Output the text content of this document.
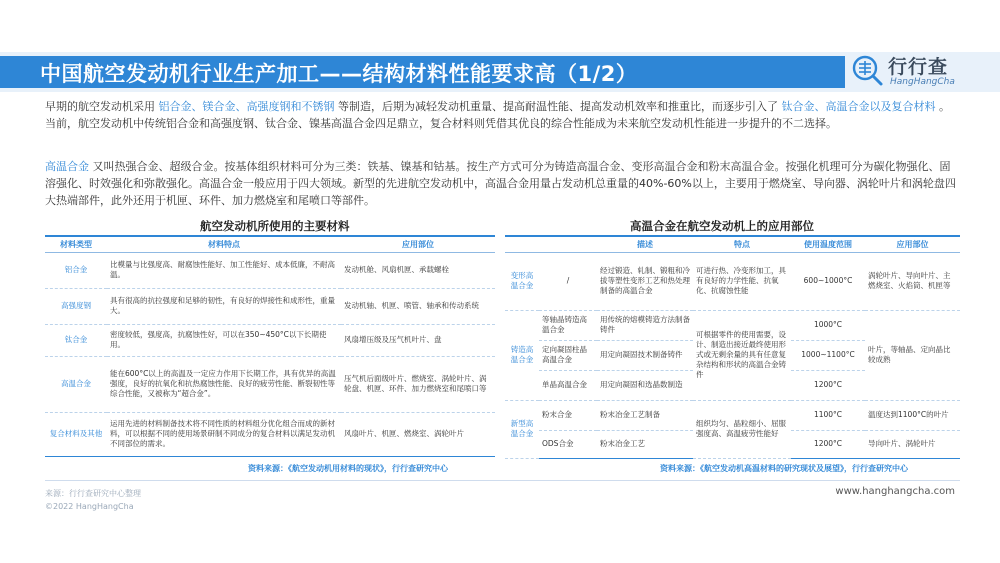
中国航空发动机行业生产加工——结构材料性能要求高（1/2）	行行查
HangHangCha
早期的航空发动机采用 铝合金、镁合金、高强度钢和不锈钢 等制造，后期为减轻发动机重量、提高耐温性能、提高发动机效率和推重比，而逐步引入了 钛合金、高温合金以及复合材料 。当前，航空发动机中传统铝合金和高强度钢、钛合金、镍基高温合金四足鼎立，复合材料则凭借其优良的综合性能成为未来航空发动机性能进一步提升的不二选择。
高温合金 又叫热强合金、超级合金。按基体组织材料可分为三类：铁基、镍基和钴基。按生产方式可分为铸造高温合金、变形高温合金和粉末高温合金。按强化机理可分为碳化物强化、固溶强化、时效强化和弥散强化。高温合金一般应用于四大领域。新型的先进航空发动机中，高温合金用量占发动机总重量的40%-60%以上，主要用于燃烧室、导向器、涡轮叶片和涡轮盘四大热端部件，此外还用于机匣、环件、加力燃烧室和尾喷口等部件。
航空发动机所使用的主要材料	高温合金在航空发动机上的应用部位
材料类型	材料特点	应用部位
铝合金	比模量与比强度高、耐腐蚀性能好、加工性能好、成本低廉，不耐高温。	发动机舱、风扇机匣、承载螺栓
高强度钢	具有很高的抗拉强度和足够的韧性，有良好的焊接性和成形性，重量大。	发动机轴、机匣、喷管、轴承和传动系统
钛合金	密度较低，强度高，抗腐蚀性好，可以在350~450°C以下长期使用。	风扇增压级及压气机叶片、盘
高温合金	能在600°C以上的高温及一定应力作用下长期工作，具有优异的高温强度，良好的抗氧化和抗热腐蚀性能、良好的疲劳性能、断裂韧性等综合性能，又被称为“超合金”。	压气机后面级叶片、燃烧室、涡轮叶片、涡轮盘、机匣、环件、加力燃烧室和尾喷口等
复合材料及其他	运用先进的材料制备技术将不同性质的材料组分优化组合而成的新材料，可以根据不同的使用场景研制不同成分的复合材料以满足发动机不同部位的需求。	风扇叶片、机匣、燃烧室、涡轮叶片
		描述	特点	使用温度范围	应用部位
变形高温合金	/	经过锻造、轧制、锻粗和冷拔等塑性变形工艺和热处理制备的高温合金	可进行热、冷变形加工，具有良好的力学性能、抗氧化、抗腐蚀性能	600~1000°C	涡轮叶片、导向叶片、主燃烧室、火焰筒、机匣等
铸造高温合金	等轴晶铸造高温合金	用传统的熔模铸造方法制备铸件	可根据零件的使用需要，设计、制造出接近最终使用形式或无剩余量的具有任意复杂结构和形状的高温合金铸件	1000°C	叶片，等轴晶、定向晶比较成熟
	定向凝固柱晶高温合金	用定向凝固技术制备铸件		1000~1100°C	
	单晶高温合金	用定向凝固和选晶数制造		1200°C	
新型高温合金	粉末合金	粉末冶金工艺制备	组织均匀、晶粒细小、屈服强度高、高温疲劳性能好	1100°C	温度达到1100°C的叶片
	ODS合金	粉末冶金工艺		1200°C	导向叶片、涡轮叶片
资料来源：《航空发动机用材料的现状》，行行查研究中心	资料来源：《航空发动机高温材料的研究现状及展望》，行行查研究中心
来源：行行查研究中心整理
©2022 HangHangCha
www.hanghangcha.com
